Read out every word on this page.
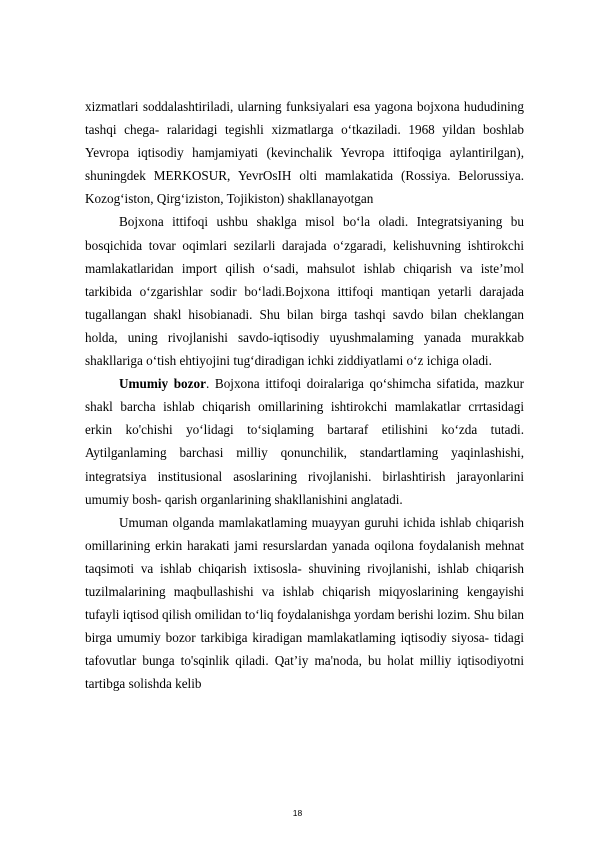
xizmatlari soddalashtiriladi, ularning funksiyalari esa yagona bojxona hududining tashqi chega- ralaridagi tegishli xizmatlarga o‘tkaziladi. 1968 yildan boshlab Yevropa iqtisodiy hamjamiyati (kevinchalik Yevropa ittifoqiga aylantirilgan), shuningdek MERKOSUR, YevrOsIH olti mamlakatida (Rossiya. Belorussiya. Kozog‘iston, Qirg‘iziston, Tojikiston) shakllanayotgan

Bojxona ittifoqi ushbu shaklga misol bo‘la oladi. Integratsiyaning bu bosqichida tovar oqimlari sezilarli darajada o‘zgaradi, kelishuvning ishtirokchi mamlakatlaridan import qilish o‘sadi, mahsulot ishlab chiqarish va iste’mol tarkibida o‘zgarishlar sodir bo‘ladi.Bojxona ittifoqi mantiqan yetarli darajada tugallangan shakl hisobianadi. Shu bilan birga tashqi savdo bilan cheklangan holda, uning rivojlanishi savdo-iqtisodiy uyushmalaming yanada murakkab shakllariga o‘tish ehtiyojini tug‘diradigan ichki ziddiyatlami o‘z ichiga oladi.

Umumiy bozor. Bojxona ittifoqi doiralariga qo‘shimcha sifatida, mazkur shakl barcha ishlab chiqarish omillarining ishtirokchi mamlakatlar crrtasidagi erkin ko'chishi yo‘lidagi to‘siqlaming bartaraf etilishini ko‘zda tutadi. Aytilganlaming barchasi milliy qonunchilik, standartlaming yaqinlashishi, integratsiya institusional asoslarining rivojlanishi. birlashtirish jarayonlarini umumiy bosh- qarish organlarining shakllanishini anglatadi.

Umuman olganda mamlakatlaming muayyan guruhi ichida ishlab chiqarish omillarining erkin harakati jami resurslardan yanada oqilona foydalanish mehnat taqsimoti va ishlab chiqarish ixtisosla- shuvining rivojlanishi, ishlab chiqarish tuzilmalarining maqbullashishi va ishlab chiqarish miqyoslarining kengayishi tufayli iqtisod qilish omilidan to‘liq foydalanishga yordam berishi lozim. Shu bilan birga umumiy bozor tarkibiga kiradigan mamlakatlaming iqtisodiy siyosa- tidagi tafovutlar bunga to'sqinlik qiladi. Qat’iy ma'noda, bu holat milliy iqtisodiyotni tartibga solishda kelib

18
